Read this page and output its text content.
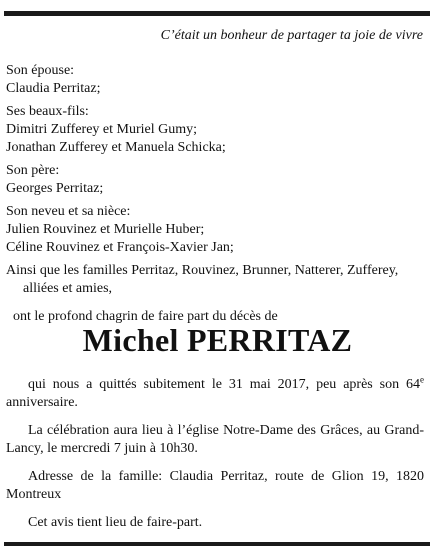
C’était un bonheur de partager ta joie de vivre
Son épouse:
Claudia Perritaz;
Ses beaux-fils:
Dimitri Zufferey et Muriel Gumy;
Jonathan Zufferey et Manuela Schicka;
Son père:
Georges Perritaz;
Son neveu et sa nièce:
Julien Rouvinez et Murielle Huber;
Céline Rouvinez et François-Xavier Jan;
Ainsi que les familles Perritaz, Rouvinez, Brunner, Natterer, Zufferey, alliées et amies,
ont le profond chagrin de faire part du décès de
Michel PERRITAZ

qui nous a quittés subitement le 31 mai 2017, peu après son 64e anniversaire.

La célébration aura lieu à l’église Notre-Dame des Grâces, au Grand-Lancy, le mercredi 7 juin à 10h30.

Adresse de la famille: Claudia Perritaz, route de Glion 19, 1820 Montreux

Cet avis tient lieu de faire-part.
